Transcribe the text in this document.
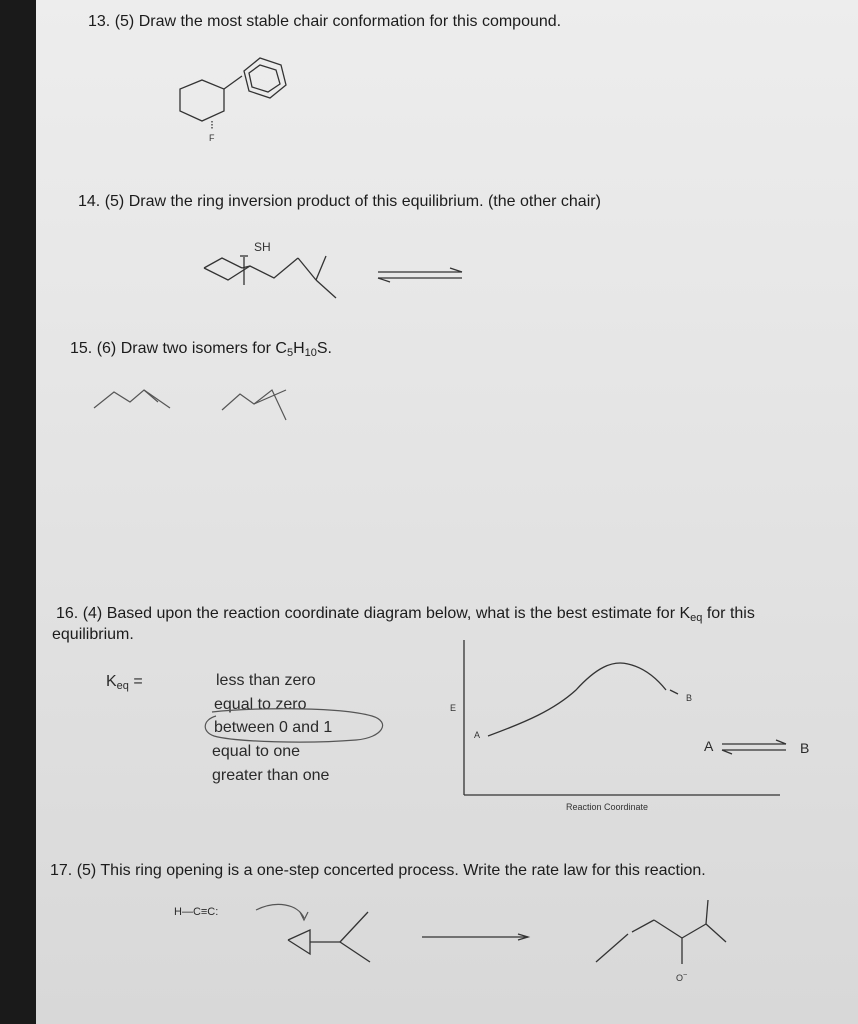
13. (5) Draw the most stable chair conformation for this compound.
F
14. (5) Draw the ring inversion product of this equilibrium. (the other chair)
SH
15. (6) Draw two isomers for $C_5H_{10}S$.
16. (4) Based upon the reaction coordinate diagram below, what is the best estimate for $K_{eq}$ for this
equilibrium.
$K_{eq}$ =	less than zero
equal to zero
between 0 and 1
equal to one
greater than one
E
A
B
Reaction Coordinate
A	B
17. (5) This ring opening is a one-step concerted process. Write the rate law for this reaction.
H—C≡C:
O−
